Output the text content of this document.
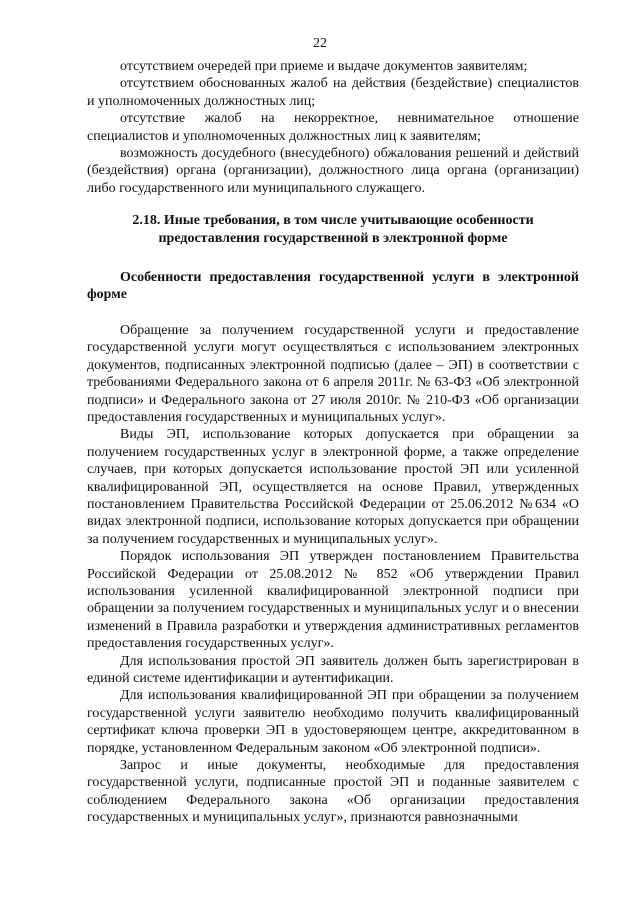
22

отсутствием очередей при приеме и выдаче документов заявителям;

отсутствием обоснованных жалоб на действия (бездействие) специалистов и уполномоченных должностных лиц;

отсутствие жалоб на некорректное, невнимательное отношение специалистов и уполномоченных должностных лиц к заявителям;

возможность досудебного (внесудебного) обжалования решений и действий (бездействия) органа (организации), должностного лица органа (организации) либо государственного или муниципального служащего.

2.18. Иные требования, в том числе учитывающие особенности предоставления государственной в электронной форме
Особенности предоставления государственной услуги в электронной форме

Обращение за получением государственной услуги и предоставление государственной услуги могут осуществляться с использованием электронных документов, подписанных электронной подписью (далее – ЭП) в соответствии с требованиями Федерального закона от 6 апреля 2011г. № 63-ФЗ «Об электронной подписи» и Федерального закона от 27 июля 2010г. № 210-ФЗ «Об организации предоставления государственных и муниципальных услуг».

Виды ЭП, использование которых допускается при обращении за получением государственных услуг в электронной форме, а также определение случаев, при которых допускается использование простой ЭП или усиленной квалифицированной ЭП, осуществляется на основе Правил, утвержденных постановлением Правительства Российской Федерации от 25.06.2012 №634 «О видах электронной подписи, использование которых допускается при обращении за получением государственных и муниципальных услуг».

Порядок использования ЭП утвержден постановлением Правительства Российской Федерации от 25.08.2012 № 852 «Об утверждении Правил использования усиленной квалифицированной электронной подписи при обращении за получением государственных и муниципальных услуг и о внесении изменений в Правила разработки и утверждения административных регламентов предоставления государственных услуг».

Для использования простой ЭП заявитель должен быть зарегистрирован в единой системе идентификации и аутентификации.

Для использования квалифицированной ЭП при обращении за получением государственной услуги заявителю необходимо получить квалифицированный сертификат ключа проверки ЭП в удостоверяющем центре, аккредитованном в порядке, установленном Федеральным законом «Об электронной подписи».

Запрос и иные документы, необходимые для предоставления государственной услуги, подписанные простой ЭП и поданные заявителем с соблюдением Федерального закона «Об организации предоставления государственных и муниципальных услуг», признаются равнозначными
